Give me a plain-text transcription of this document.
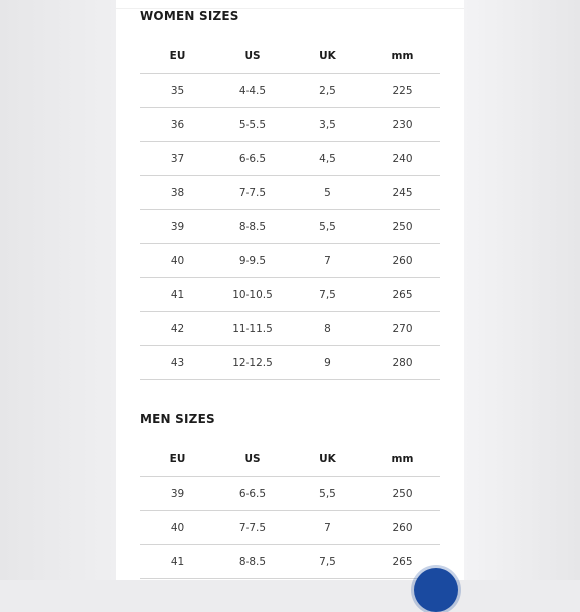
WOMEN SIZES
EU	US	UK	mm
35	4-4.5	2,5	225
36	5-5.5	3,5	230
37	6-6.5	4,5	240
38	7-7.5	5	245
39	8-8.5	5,5	250
40	9-9.5	7	260
41	10-10.5	7,5	265
42	11-11.5	8	270
43	12-12.5	9	280
MEN SIZES
EU	US	UK	mm
39	6-6.5	5,5	250
40	7-7.5	7	260
41	8-8.5	7,5	265
